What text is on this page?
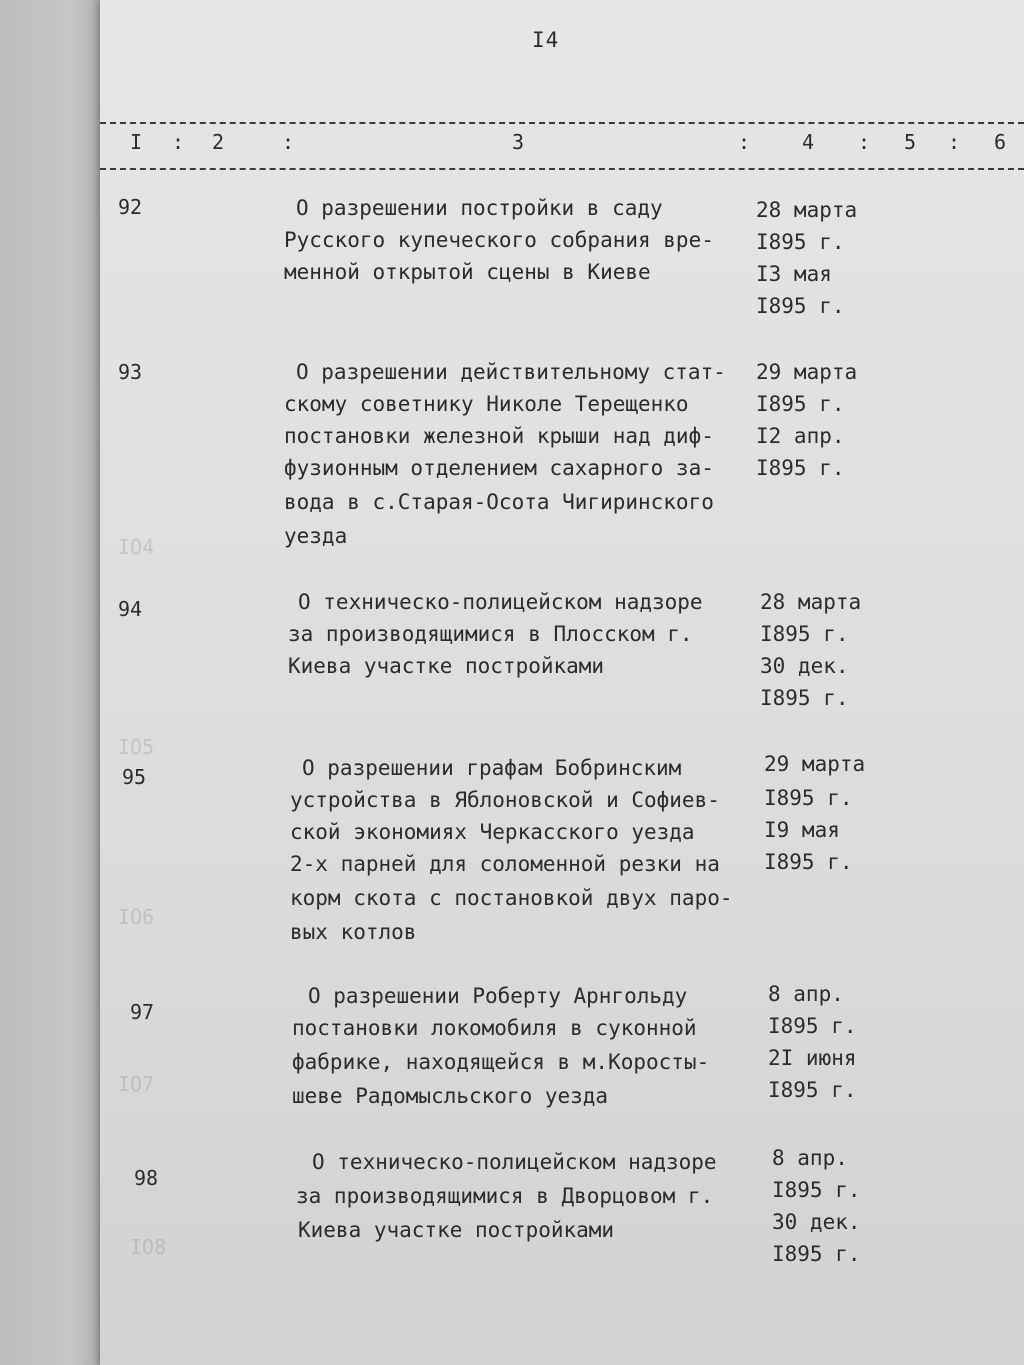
IO4
IO5
IO6
IO7
IO8
I4
I : 2	:	3	:	4 : 5 : 6
92	О разрешении постройки в саду
Русского купеческого собрания вре-
менной открытой сцены в Киеве
28 марта
I895 г.
I3 мая
I895 г.
93	О разрешении действительному стат-
скому советнику Николе Терещенко
постановки железной крыши над диф-
фузионным отделением сахарного за-
вода в с.Старая-Осота Чигиринского
уезда
29 марта
I895 г.
I2 апр.
I895 г.
94	О техническо-полицейском надзоре
за производящимися в Плосском г.
Киева участке постройками
28 марта
I895 г.
30 дек.
I895 г.
95	О разрешении графам Бобринским
устройства в Яблоновской и Софиев-
ской экономиях Черкасского уезда
2-х парней для соломенной резки на
корм скота с постановкой двух паро-
вых котлов
29 марта
I895 г.
I9 мая
I895 г.
97
О разрешении Роберту Арнгольду
постановки локомобиля в суконной
фабрике, находящейся в м.Коросты-
шеве Радомысльского уезда
8 апр.
I895 г.
2I июня
I895 г.
98
О техническо-полицейском надзоре
за производящимися в Дворцовом г.
Киева участке постройками
8 апр.
I895 г.
30 дек.
I895 г.
